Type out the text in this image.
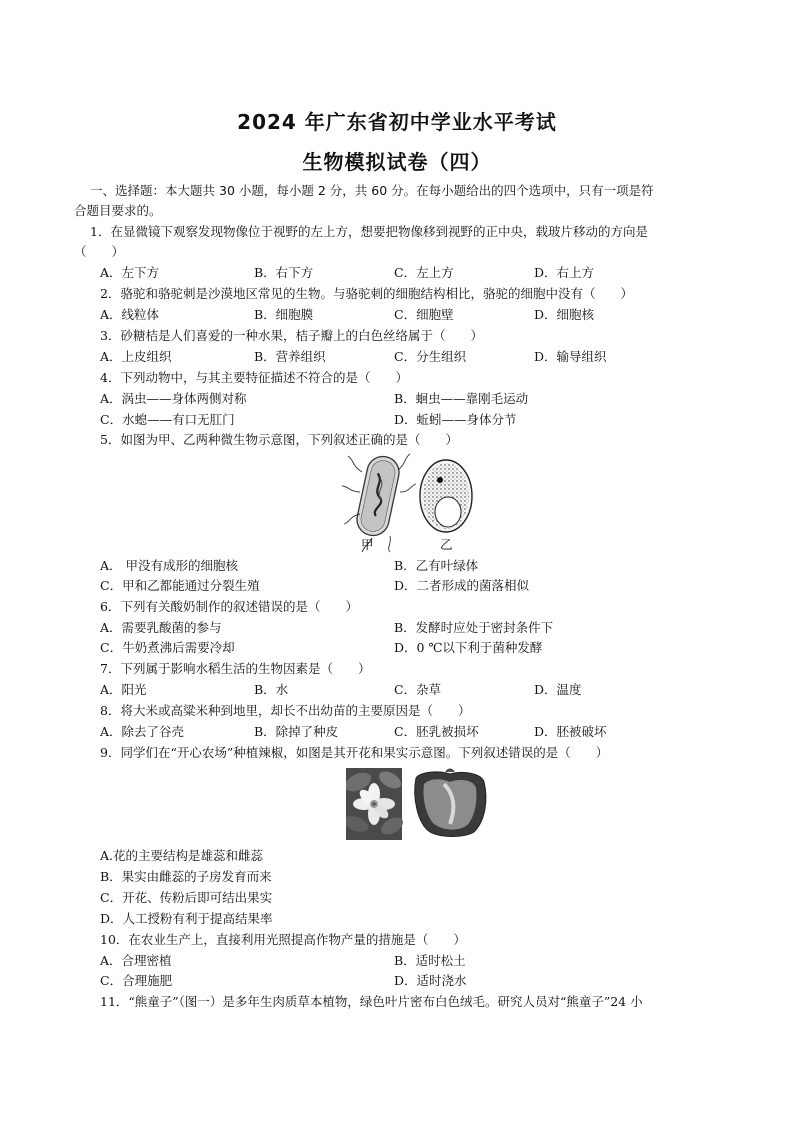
2024 年广东省初中学业水平考试
生物模拟试卷（四）
一、选择题：本大题共 30 小题，每小题 2 分，共 60 分。在每小题给出的四个选项中，只有一项是符
合题目要求的。
1．在显微镜下观察发现物像位于视野的左上方，想要把物像移到视野的正中央，载玻片移动的方向是
（　　）
A．左下方	B．右下方	C．左上方	D．右上方
2．骆驼和骆驼刺是沙漠地区常见的生物。与骆驼刺的细胞结构相比，骆驼的细胞中没有（　　）
A．线粒体	B．细胞膜	C．细胞壁	D．细胞核
3．砂糖桔是人们喜爱的一种水果，桔子瓣上的白色丝络属于（　　）
A．上皮组织	B．营养组织	C．分生组织	D．输导组织
4．下列动物中，与其主要特征描述不符合的是（　　）
A．涡虫——身体两侧对称	B．蛔虫——靠刚毛运动
C．水螅——有口无肛门	D．蚯蚓——身体分节
5．如图为甲、乙两种微生物示意图，下列叙述正确的是（　　）
甲	乙
A． 甲没有成形的细胞核	B．乙有叶绿体
C．甲和乙都能通过分裂生殖	D．二者形成的菌落相似
6．下列有关酸奶制作的叙述错误的是（　　）
A．需要乳酸菌的参与	B．发酵时应处于密封条件下
C．牛奶煮沸后需要冷却	D．0 ℃以下利于菌种发酵
7．下列属于影响水稻生活的生物因素是（　　）
A．阳光	B．水	C．杂草	D．温度
8．将大米或高粱米种到地里，却长不出幼苗的主要原因是（　　）
A．除去了谷壳	B．除掉了种皮	C．胚乳被损坏	D．胚被破坏
9．同学们在“开心农场”种植辣椒，如图是其开花和果实示意图。下列叙述错误的是（　　）
A.花的主要结构是雄蕊和雌蕊
B．果实由雌蕊的子房发育而来
C．开花、传粉后即可结出果实
D．人工授粉有利于提高结果率
10．在农业生产上，直接利用光照提高作物产量的措施是（　　）
A．合理密植	B．适时松土
C．合理施肥	D．适时浇水
11．“熊童子”（图一）是多年生肉质草本植物，绿色叶片密布白色绒毛。研究人员对“熊童子”24 小
